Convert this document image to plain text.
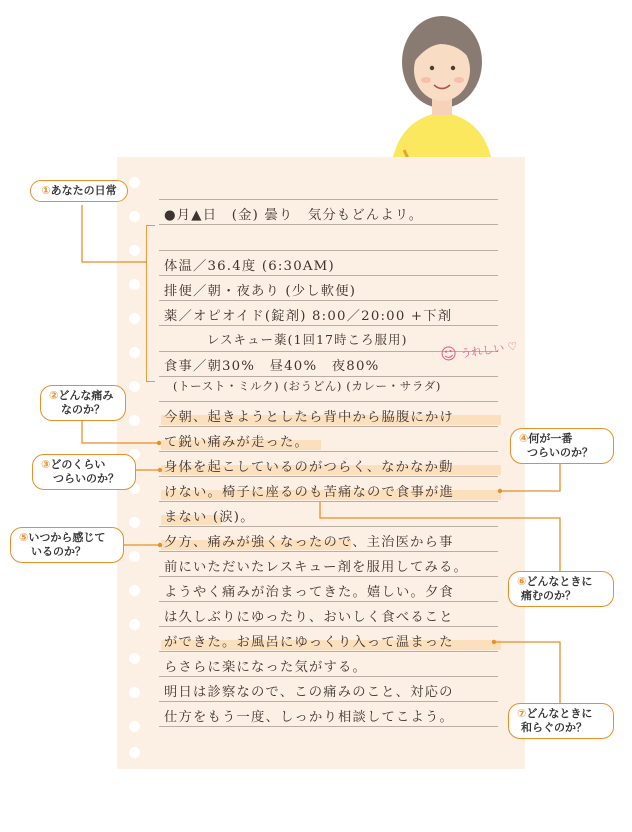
●月▲日　(金) 曇り　気分もどんよリ。
体温／36.4度 (6:30AM)
排便／朝・夜あり (少し軟便)
薬／オピオイド(錠剤) 8:00／20:00 +下剤
レスキュー薬(1回17時ころ服用)
食事／朝30%　昼40%　夜80%
(トースト・ミルク) (おうどん) (カレー・サラダ)
今朝、起きようとしたら背中から脇腹にかけ
て鋭い痛みが走った。
身体を起こしているのがつらく、なかなか動
けない。椅子に座るのも苦痛なので食事が進
まない (涙)。
夕方、痛みが強くなったので、主治医から事
前にいただいたレスキュー剤を服用してみる。
ようやく痛みが治まってきた。嬉しい。夕食
は久しぶりにゆったり、おいしく食べること
ができた。お風呂にゆっくり入って温まった
らさらに楽になった気がする。
明日は診察なので、この痛みのこと、対応の
仕方をもう一度、しっかり相談してこよう。
☺ うれしい ♡
①あなたの日常
②どんな痛み
なのか？
③どのくらい
つらいのか？
④何が一番
つらいのか？
⑤いつから感じて
いるのか？
⑥どんなときに
痛むのか？
⑦どんなときに
和らぐのか？
